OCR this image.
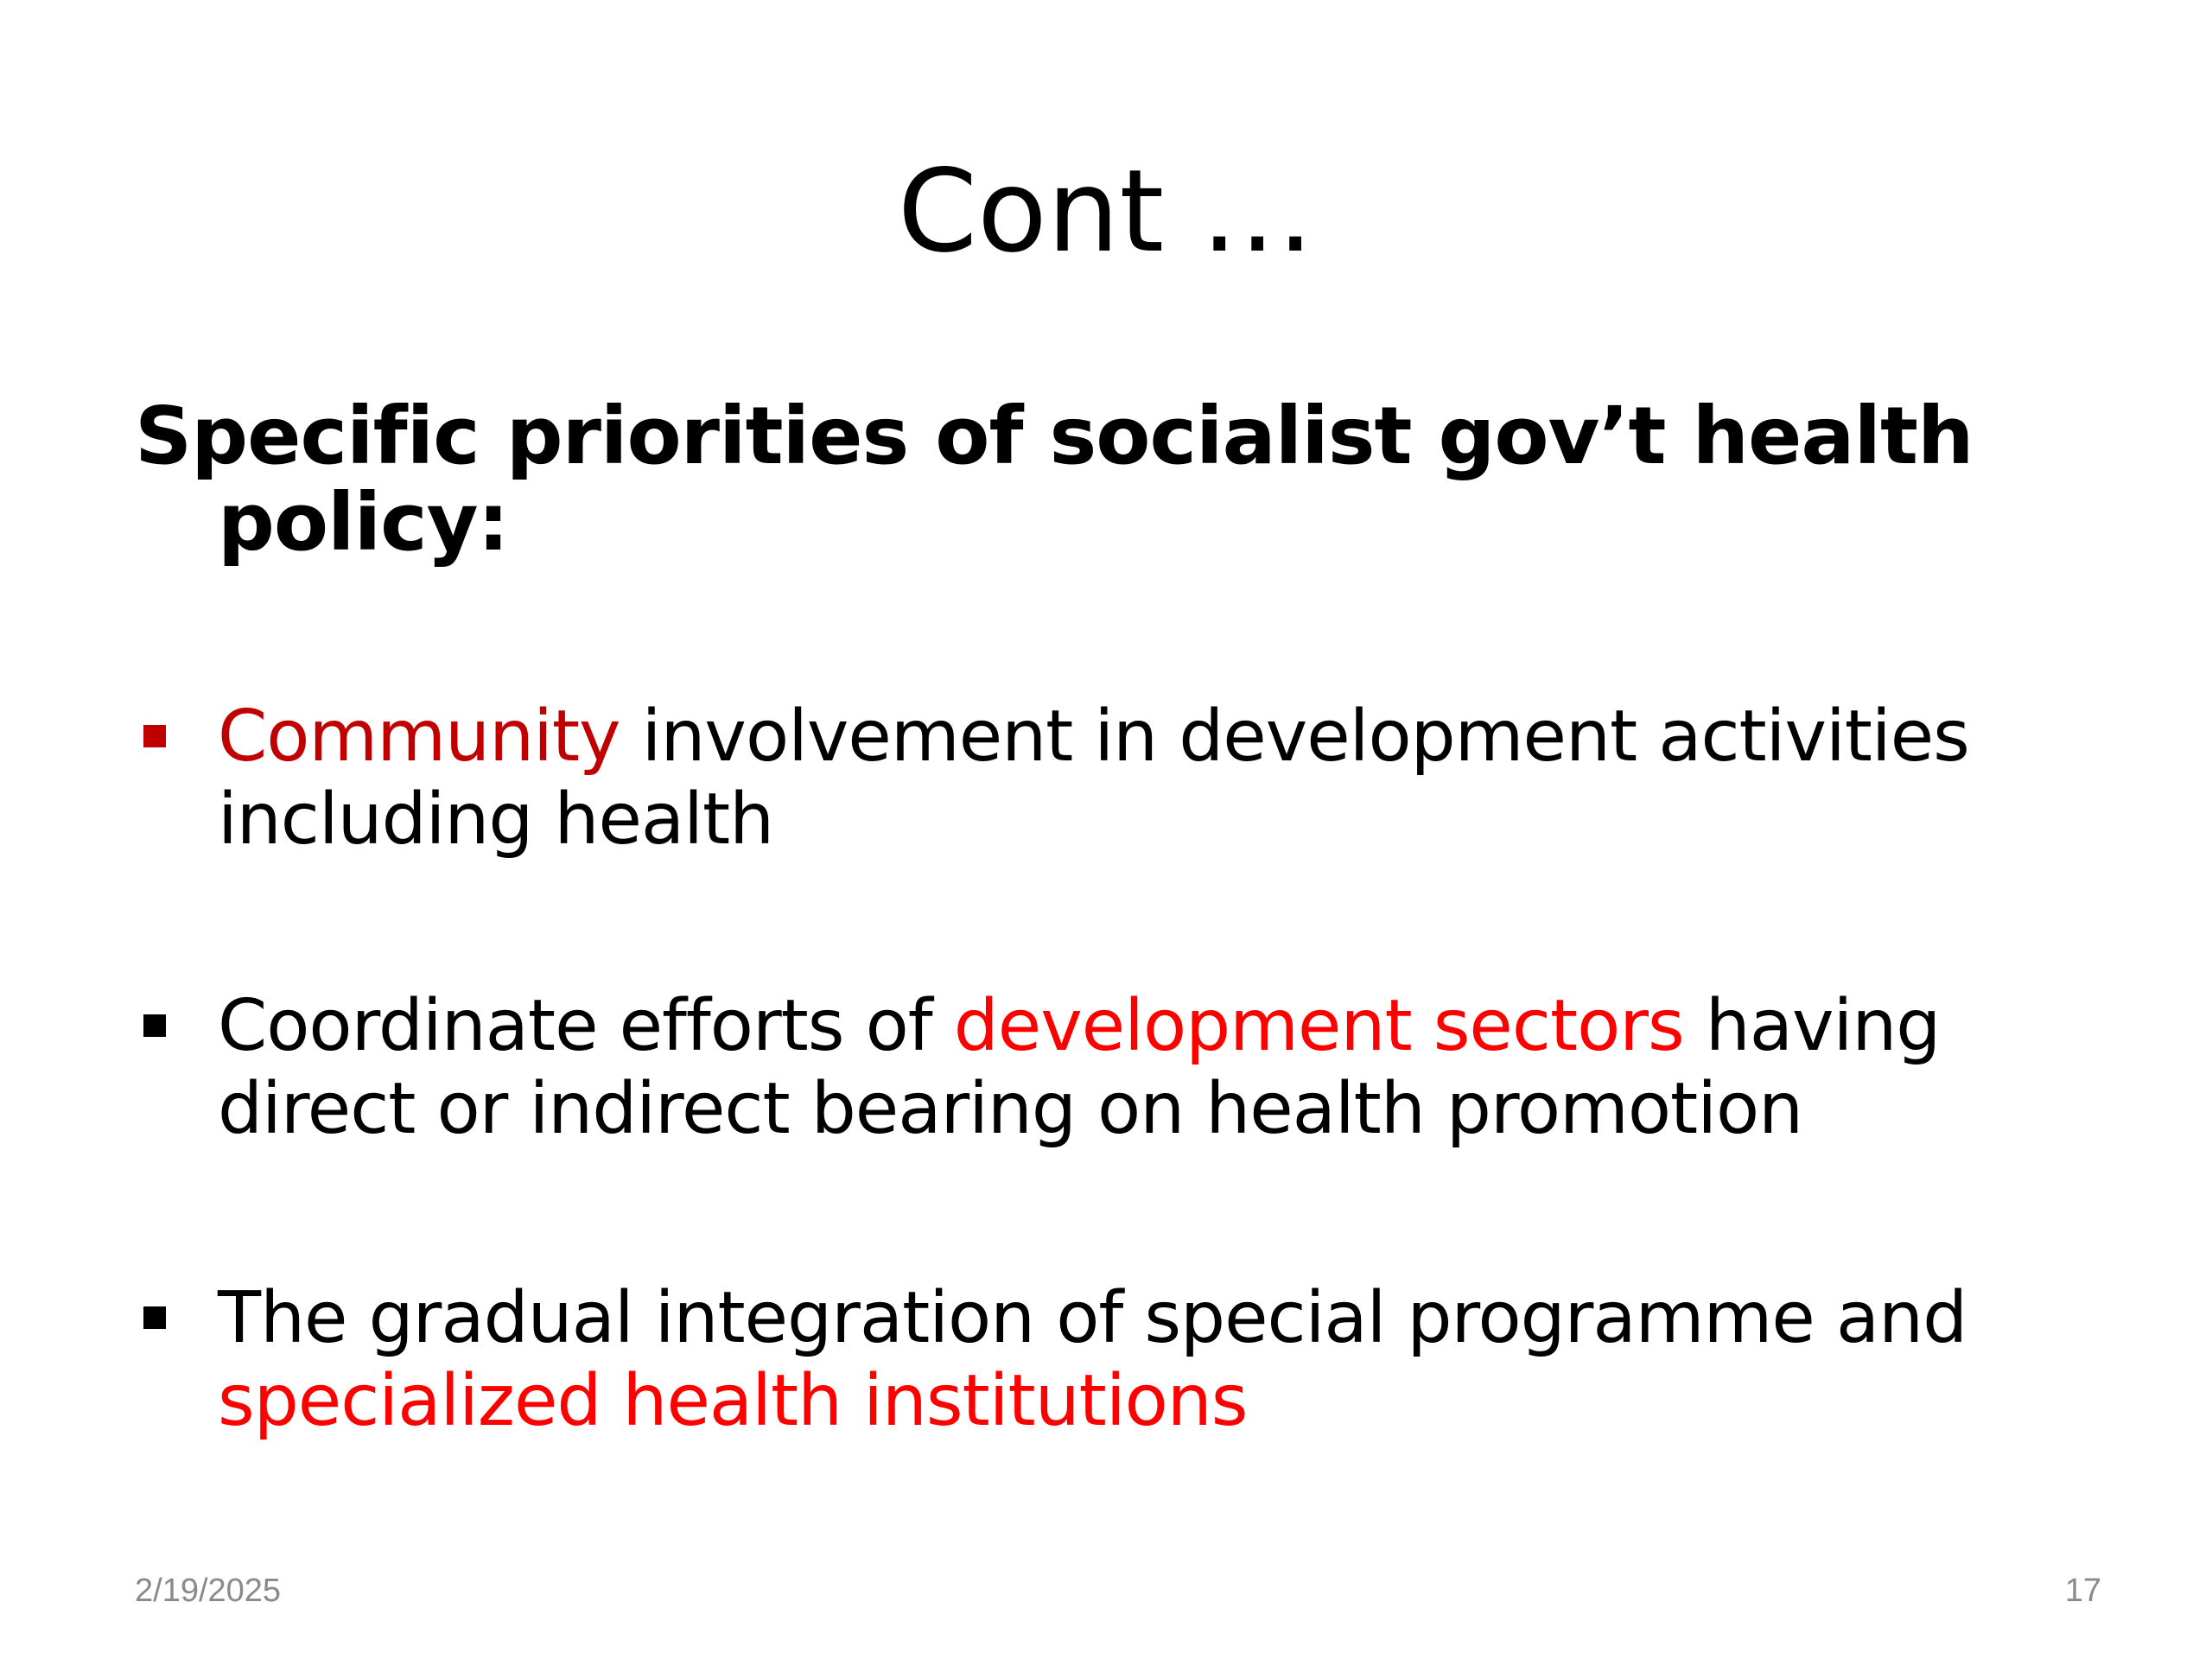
Cont …
Specific priorities of socialist gov’t health
policy:
Community involvement in development activities
including health
Coordinate efforts of development sectors having
direct or indirect bearing on health promotion
The gradual integration of special programme and
specialized health institutions
2/19/2025	17
